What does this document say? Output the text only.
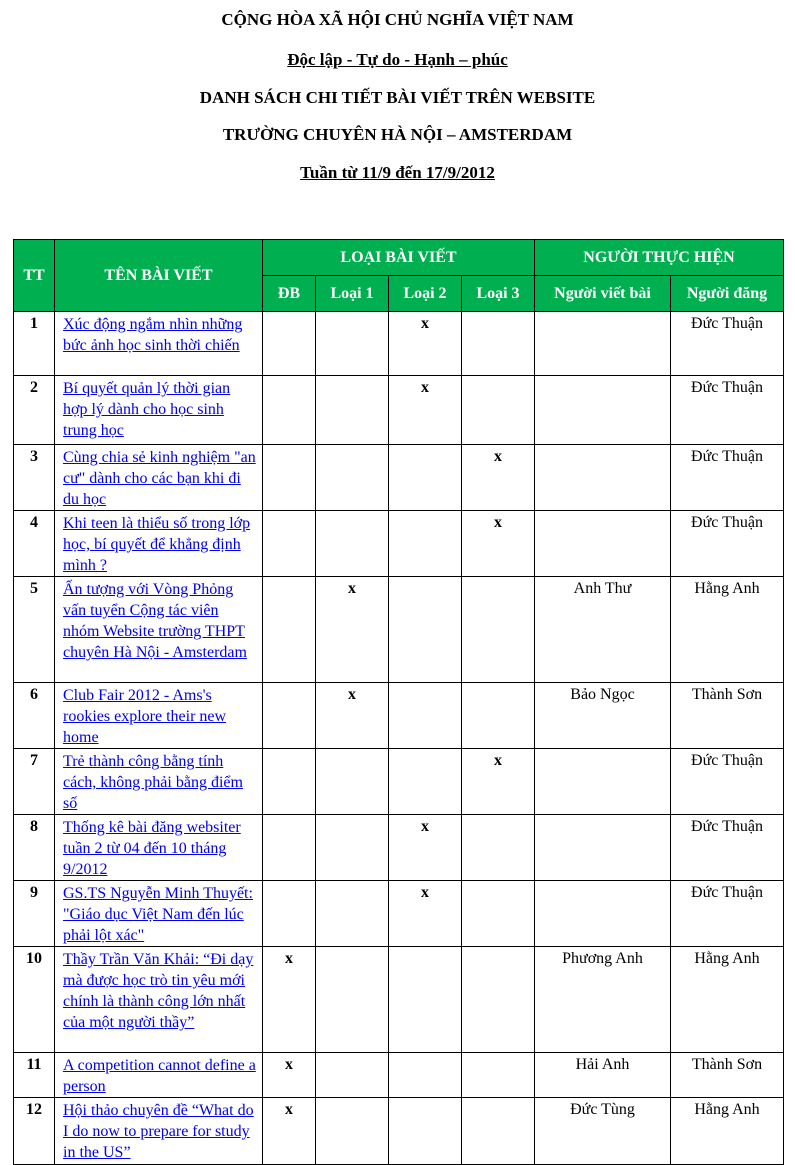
CỘNG HÒA XÃ HỘI CHỦ NGHĨA VIỆT NAM
Độc lập - Tự do - Hạnh – phúc
DANH SÁCH CHI TIẾT BÀI VIẾT TRÊN WEBSITE
TRƯỜNG CHUYÊN HÀ NỘI – AMSTERDAM
Tuần từ 11/9 đến 17/9/2012
TT	TÊN BÀI VIẾT	LOẠI BÀI VIẾT				NGƯỜI THỰC HIỆN	
		ĐB	Loại 1	Loại 2	Loại 3	Người viết bài	Người đăng
1	Xúc động ngắm nhìn những bức ảnh học sinh thời chiến			x			Đức Thuận
2	Bí quyết quản lý thời gian hợp lý dành cho học sinh trung học			x			Đức Thuận
3	Cùng chia sẻ kinh nghiệm "an cư" dành cho các bạn khi đi du học				x		Đức Thuận
4	Khi teen là thiểu số trong lớp học, bí quyết để khẳng định mình ?				x		Đức Thuận
5	Ấn tượng với Vòng Phỏng vấn tuyển Cộng tác viên nhóm Website trường THPT chuyên Hà Nội - Amsterdam		x			Anh Thư	Hằng Anh
6	Club Fair 2012 - Ams's rookies explore their new home		x			Bảo Ngọc	Thành Sơn
7	Trẻ thành công bằng tính cách, không phải bằng điểm số				x		Đức Thuận
8	Thống kê bài đăng websiter tuần 2 từ 04 đến 10 tháng 9/2012			x			Đức Thuận
9	GS.TS Nguyễn Minh Thuyết: "Giáo dục Việt Nam đến lúc phải lột xác"			x			Đức Thuận
10	Thầy Trần Văn Khải: “Đi dạy mà được học trò tin yêu mới chính là thành công lớn nhất của một người thầy”	x				Phương Anh	Hằng Anh
11	A competition cannot define a person	x				Hải Anh	Thành Sơn
12	Hội thảo chuyên đề “What do I do now to prepare for study in the US”	x				Đức Tùng	Hằng Anh
